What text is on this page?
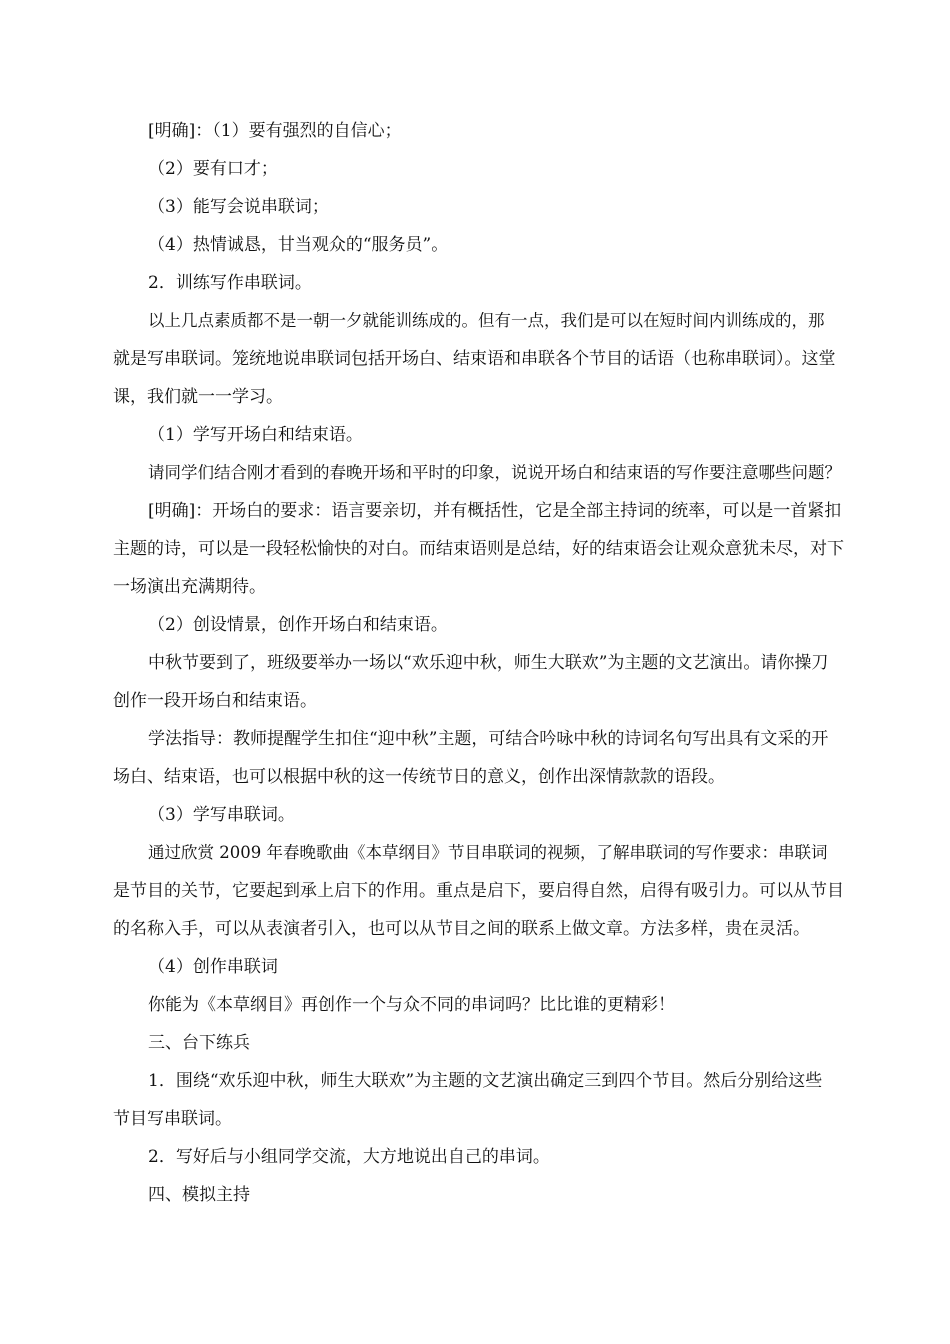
[明确]：（1）要有强烈的自信心；
（2）要有口才；
（3）能写会说串联词；
（4）热情诚恳，甘当观众的“服务员”。
2．训练写作串联词。
以上几点素质都不是一朝一夕就能训练成的。但有一点，我们是可以在短时间内训练成的，那
就是写串联词。笼统地说串联词包括开场白、结束语和串联各个节目的话语（也称串联词）。这堂
课，我们就一一学习。
（1）学写开场白和结束语。
请同学们结合刚才看到的春晚开场和平时的印象，说说开场白和结束语的写作要注意哪些问题？
[明确]：开场白的要求：语言要亲切，并有概括性，它是全部主持词的统率，可以是一首紧扣
主题的诗，可以是一段轻松愉快的对白。而结束语则是总结，好的结束语会让观众意犹未尽，对下
一场演出充满期待。
（2）创设情景，创作开场白和结束语。
中秋节要到了，班级要举办一场以“欢乐迎中秋，师生大联欢”为主题的文艺演出。请你操刀
创作一段开场白和结束语。
学法指导：教师提醒学生扣住“迎中秋”主题，可结合吟咏中秋的诗词名句写出具有文采的开
场白、结束语，也可以根据中秋的这一传统节日的意义，创作出深情款款的语段。
（3）学写串联词。
通过欣赏 2009 年春晚歌曲《本草纲目》节目串联词的视频，了解串联词的写作要求：串联词
是节目的关节，它要起到承上启下的作用。重点是启下，要启得自然，启得有吸引力。可以从节目
的名称入手，可以从表演者引入，也可以从节目之间的联系上做文章。方法多样，贵在灵活。
（4）创作串联词
你能为《本草纲目》再创作一个与众不同的串词吗？比比谁的更精彩！
三、台下练兵
1．围绕“欢乐迎中秋，师生大联欢”为主题的文艺演出确定三到四个节目。然后分别给这些
节目写串联词。
2．写好后与小组同学交流，大方地说出自己的串词。
四、模拟主持
